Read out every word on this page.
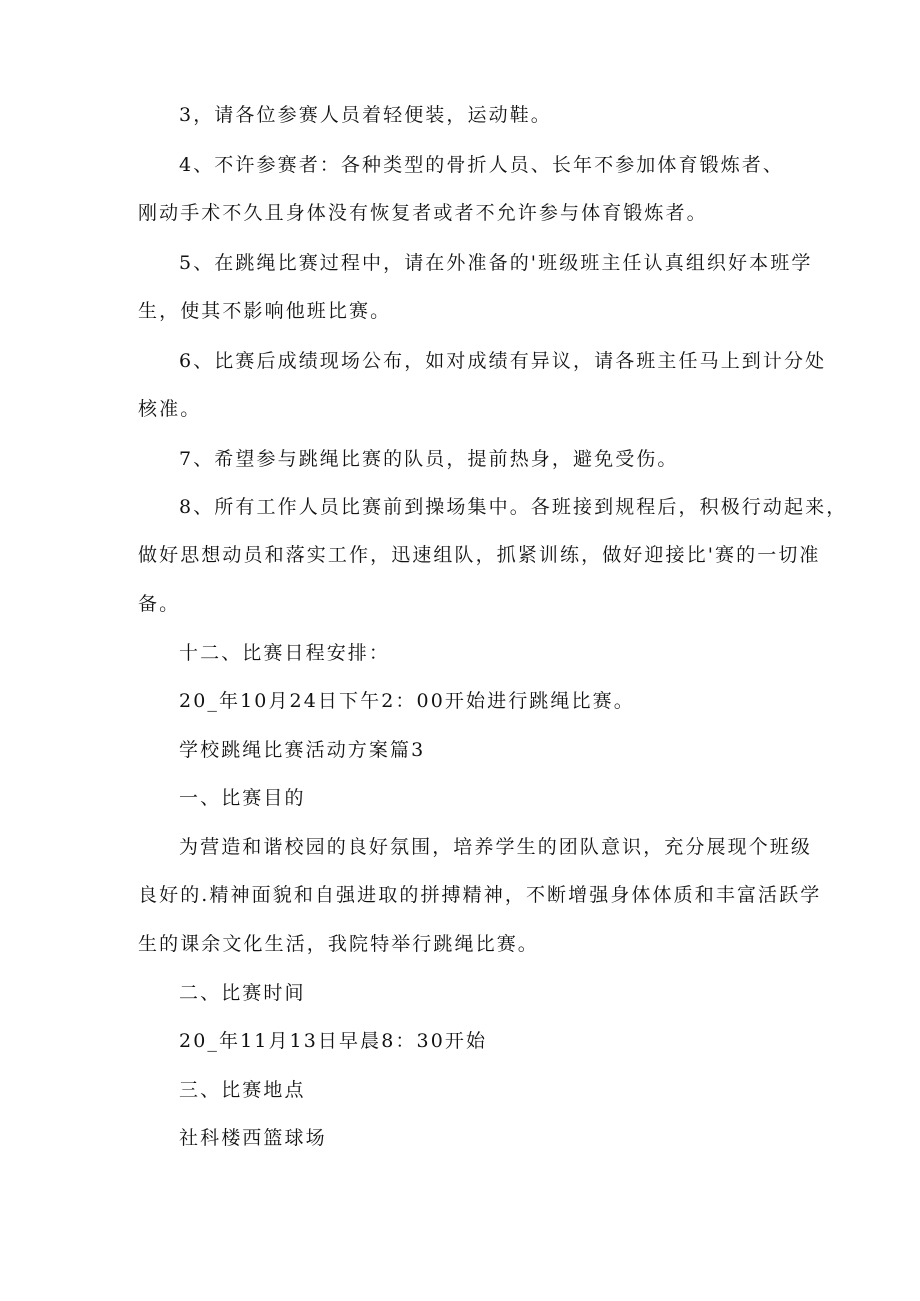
3，请各位参赛人员着轻便装，运动鞋。
4、不许参赛者：各种类型的骨折人员、长年不参加体育锻炼者、
刚动手术不久且身体没有恢复者或者不允许参与体育锻炼者。
5、在跳绳比赛过程中，请在外准备的'班级班主任认真组织好本班学
生，使其不影响他班比赛。
6、比赛后成绩现场公布，如对成绩有异议，请各班主任马上到计分处
核准。
7、希望参与跳绳比赛的队员，提前热身，避免受伤。
8、所有工作人员比赛前到操场集中。各班接到规程后，积极行动起来，
做好思想动员和落实工作，迅速组队，抓紧训练，做好迎接比'赛的一切准
备。
十二、比赛日程安排：
20_年10月24日下午2：00开始进行跳绳比赛。
学校跳绳比赛活动方案篇3
一、比赛目的
为营造和谐校园的良好氛围，培养学生的团队意识，充分展现个班级
良好的.精神面貌和自强进取的拼搏精神，不断增强身体体质和丰富活跃学
生的课余文化生活，我院特举行跳绳比赛。
二、比赛时间
20_年11月13日早晨8：30开始
三、比赛地点
社科楼西篮球场
